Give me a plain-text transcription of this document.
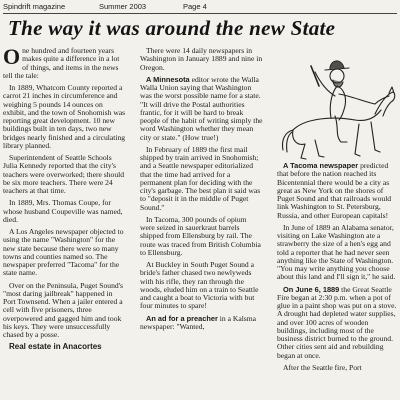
Spindrift magazine	Summer 2003	Page 4
The way it was around the new State

One hundred and fourteen years makes quite a difference in a lot of things, and items in the news tell the tale:

In 1889, Whatcom County reported a carrot 21 inches in circumference and weighing 5 pounds 14 ounces on exhibit, and the town of Snohomish was reporting great development. 10 new buildings built in ten days, two new bridges nearly finished and a circulating library planned.

Superintendent of Seattle Schools Julia Kennedy reported that the city's teachers were overworked; there should be six more teachers. There were 24 teachers at that time.

In 1889, Mrs. Thomas Coupe, for whose husband Coupeville was named, died.

A Los Angeles newspaper objected to using the name "Washington" for the new state because there were so many towns and counties named so. The newspaper preferred "Tacoma" for the state name.

Over on the Peninsula, Puget Sound's "most daring jailbreak" happened in Port Townsend. When a jailer entered a cell with five prisoners, three overpowered and gagged him and took his keys. They were unsuccessfully chased by a posse.

Real estate in Anacortes

There were 14 daily newspapers in Washington in January 1889 and nine in Oregon.

A Minnesota editor wrote the Walla Walla Union saying that Washington was the worst possible name for a state. "It will drive the Postal authorities frantic, for it will be hard to break people of the habit of writing simply the word Washington whether they mean city or state." (How true!)

In February of 1889 the first mail shipped by train arrived in Snohomish; and a Seattle newspaper editorialized that the time had arrived for a permanent plan for deciding with the city's garbage. The best plan it said was to "deposit it in the middle of Puget Sound."

In Tacoma, 300 pounds of opium were seized in sauerkraut barrels shipped from Ellensburg by rail. The route was traced from British Columbia to Ellensburg.

At Buckley in South Puget Sound a bride's father chased two newlyweds with his rifle, they ran through the woods, eluded him on a train to Seattle and caught a boat to Victoria with but four minutes to spare!

An ad for a preacher in a Kalsma newspaper: "Wanted,

A Tacoma newspaper predicted that before the nation reached its Bicentennial there would be a city as great as New York on the shores of Puget Sound and that railroads would link Washington to St. Petersburg, Russia, and other European capitals!

In June of 1889 an Alabama senator, visiting on Lake Washington ate a strawberry the size of a hen's egg and told a reporter that he had never seen anything like the State of Washington. "You may write anything you choose about this land and I'll sign it," he said.

On June 6, 1889 the Great Seattle Fire began at 2:30 p.m. when a pot of glue in a paint shop was put on a stove. A drought had depleted water supplies, and over 100 acres of wooden buildings, including most of the business district burned to the ground. Other cities sent aid and rebuilding began at once.

After the Seattle fire, Port
